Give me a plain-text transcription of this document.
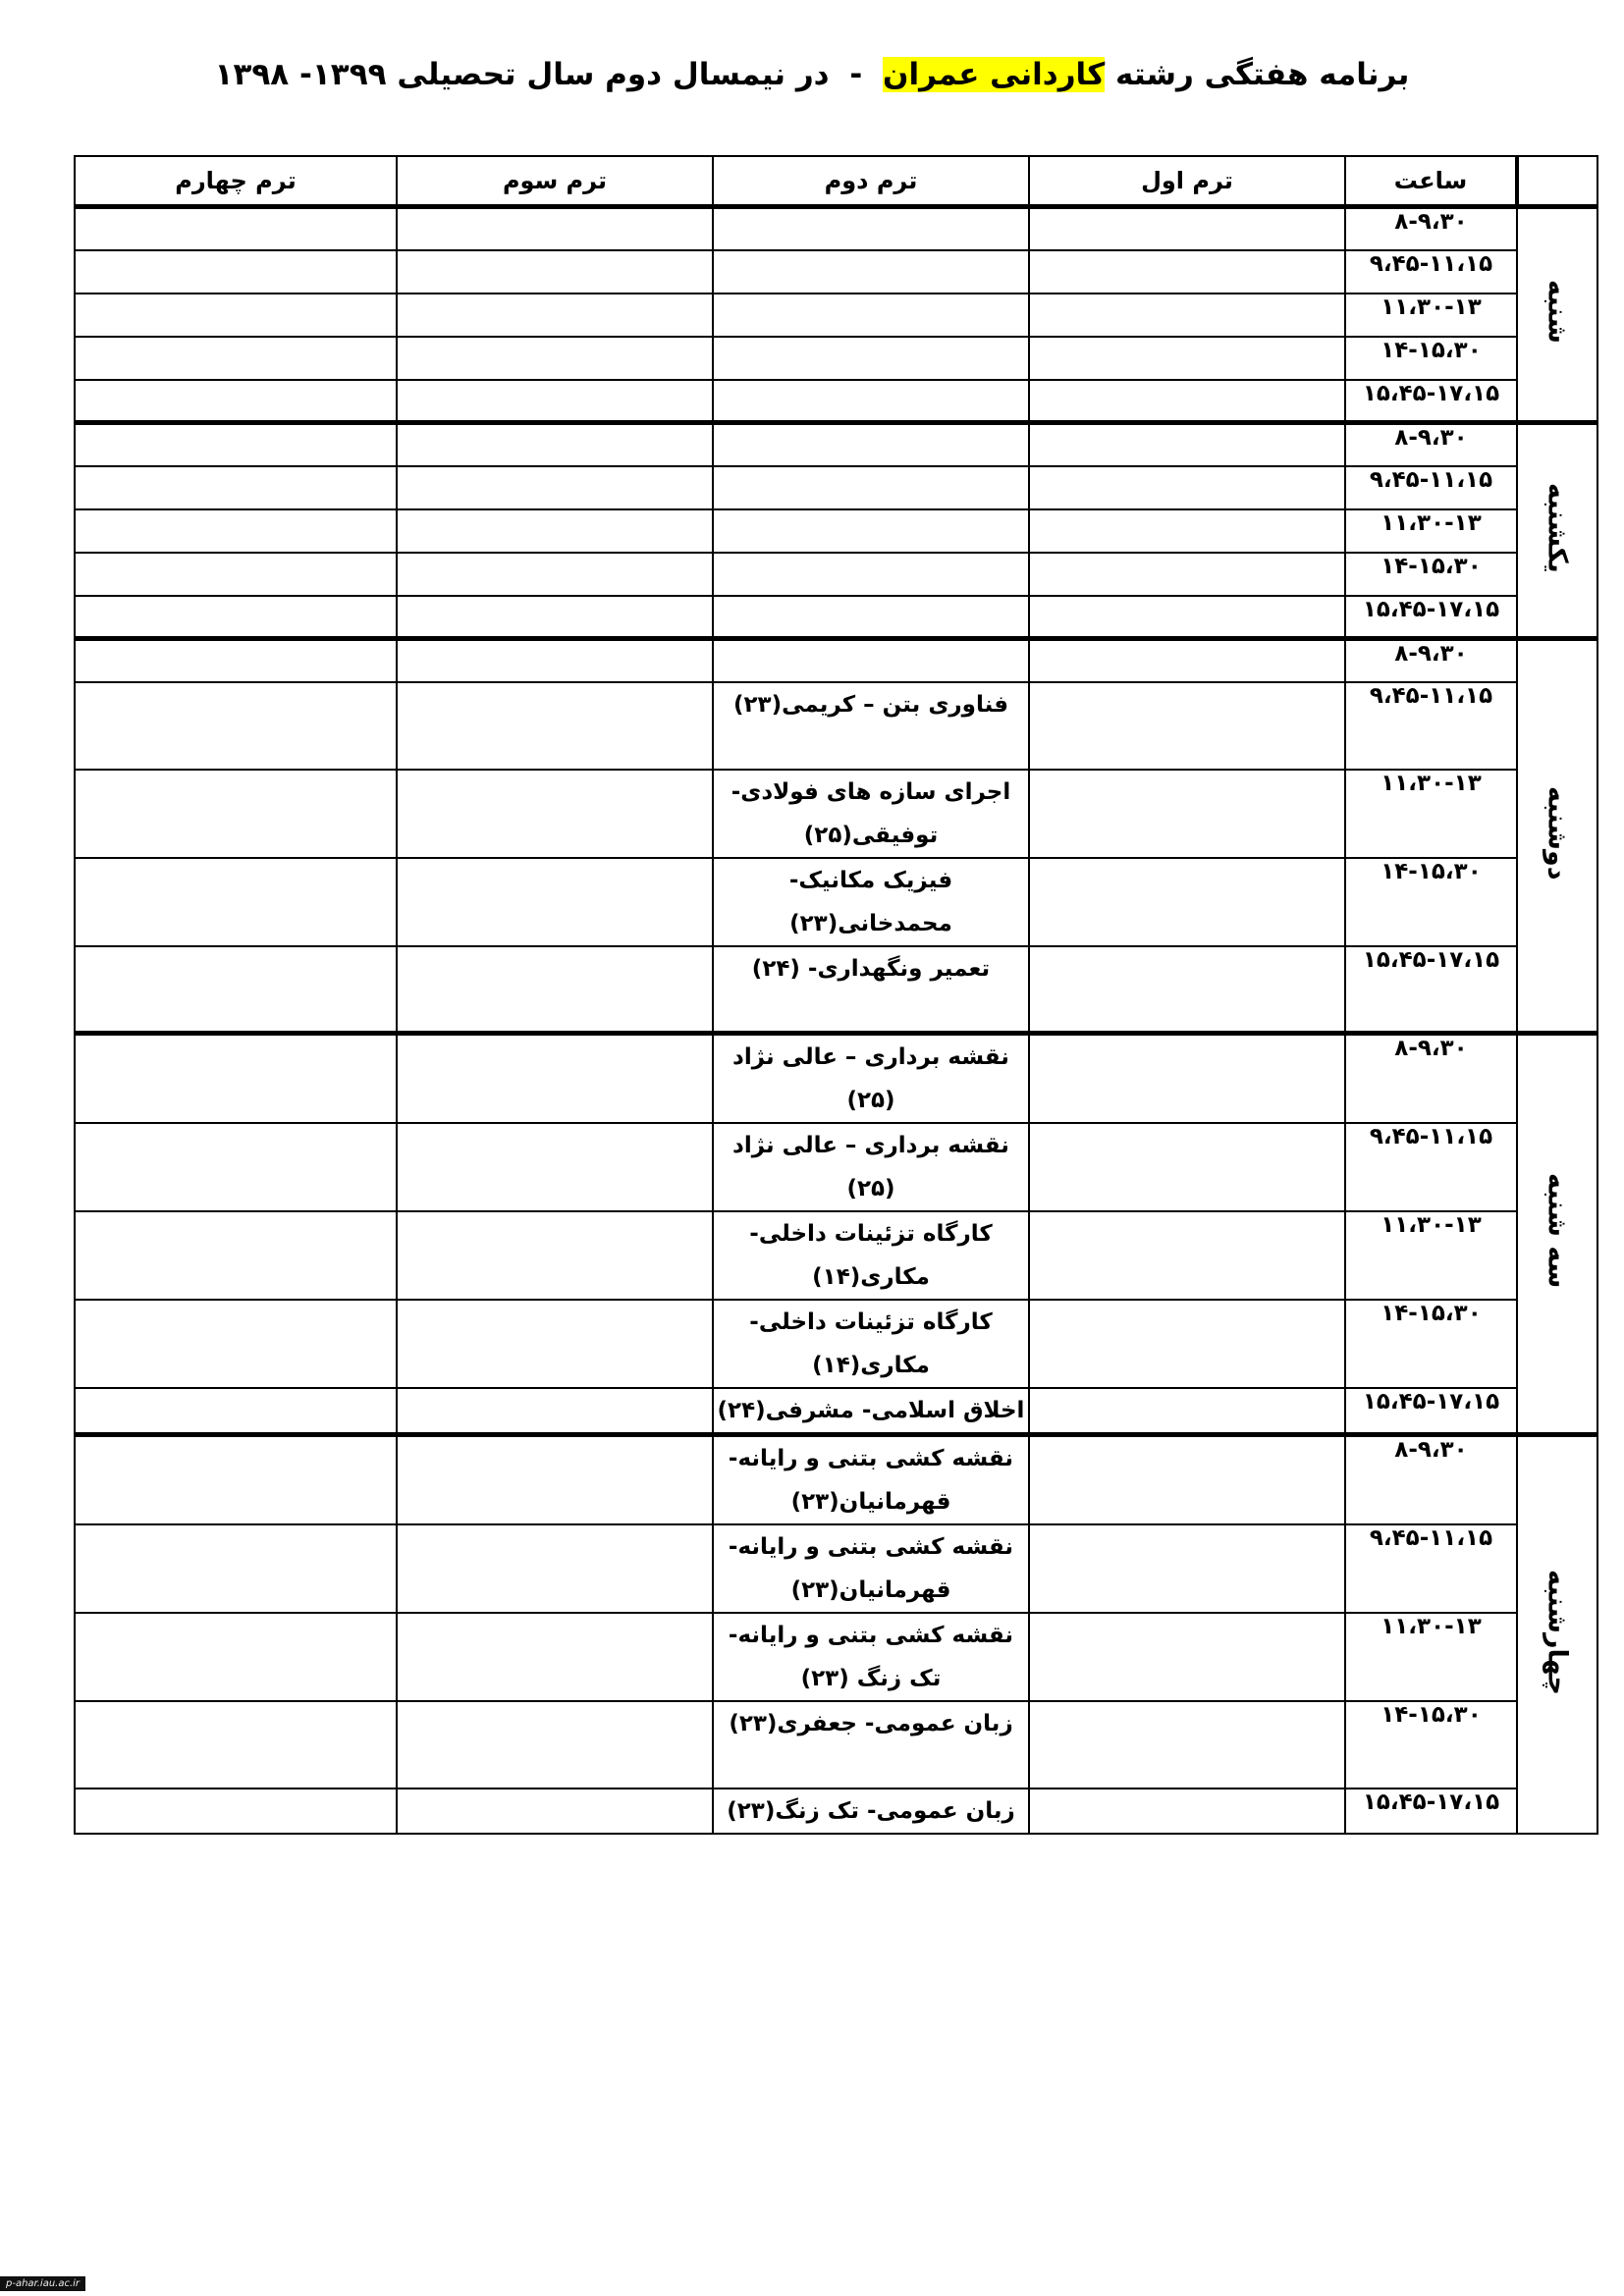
برنامه هفتگی رشته کاردانی عمران - در نیمسال دوم سال تحصیلی ۱۳۹۹- ۱۳۹۸
	ساعت	ترم اول	ترم دوم	ترم سوم	ترم چهارم
شنبه	۸-۹،۳۰				
	۹،۴۵-۱۱،۱۵				
	۱۱،۳۰-۱۳				
	۱۴-۱۵،۳۰				
	۱۵،۴۵-۱۷،۱۵				
یکشنبه	۸-۹،۳۰				
	۹،۴۵-۱۱،۱۵				
	۱۱،۳۰-۱۳				
	۱۴-۱۵،۳۰				
	۱۵،۴۵-۱۷،۱۵				
دوشنبه	۸-۹،۳۰				
	۹،۴۵-۱۱،۱۵		فناوری بتن – کریمی(۲۳)		
	۱۱،۳۰-۱۳		اجرای سازه های فولادی- توفیقی(۲۵)		
	۱۴-۱۵،۳۰		فیزیک مکانیک- محمدخانی(۲۳)		
	۱۵،۴۵-۱۷،۱۵		تعمیر ونگهداری- (۲۴)		
سه شنبه	۸-۹،۳۰		نقشه برداری – عالی نژاد (۲۵)		
	۹،۴۵-۱۱،۱۵		نقشه برداری – عالی نژاد (۲۵)		
	۱۱،۳۰-۱۳		کارگاه تزئینات داخلی- مکاری(۱۴)		
	۱۴-۱۵،۳۰		کارگاه تزئینات داخلی- مکاری(۱۴)		
	۱۵،۴۵-۱۷،۱۵		اخلاق اسلامی- مشرفی(۲۴)		
چهارشنبه	۸-۹،۳۰		نقشه کشی بتنی و رایانه- قهرمانیان(۲۳)		
	۹،۴۵-۱۱،۱۵		نقشه کشی بتنی و رایانه- قهرمانیان(۲۳)		
	۱۱،۳۰-۱۳		نقشه کشی بتنی و رایانه- تک زنگ (۲۳)		
	۱۴-۱۵،۳۰		زبان عمومی- جعفری(۲۳)		
	۱۵،۴۵-۱۷،۱۵		زبان عمومی- تک زنگ(۲۳)		
p-ahar.iau.ac.ir
